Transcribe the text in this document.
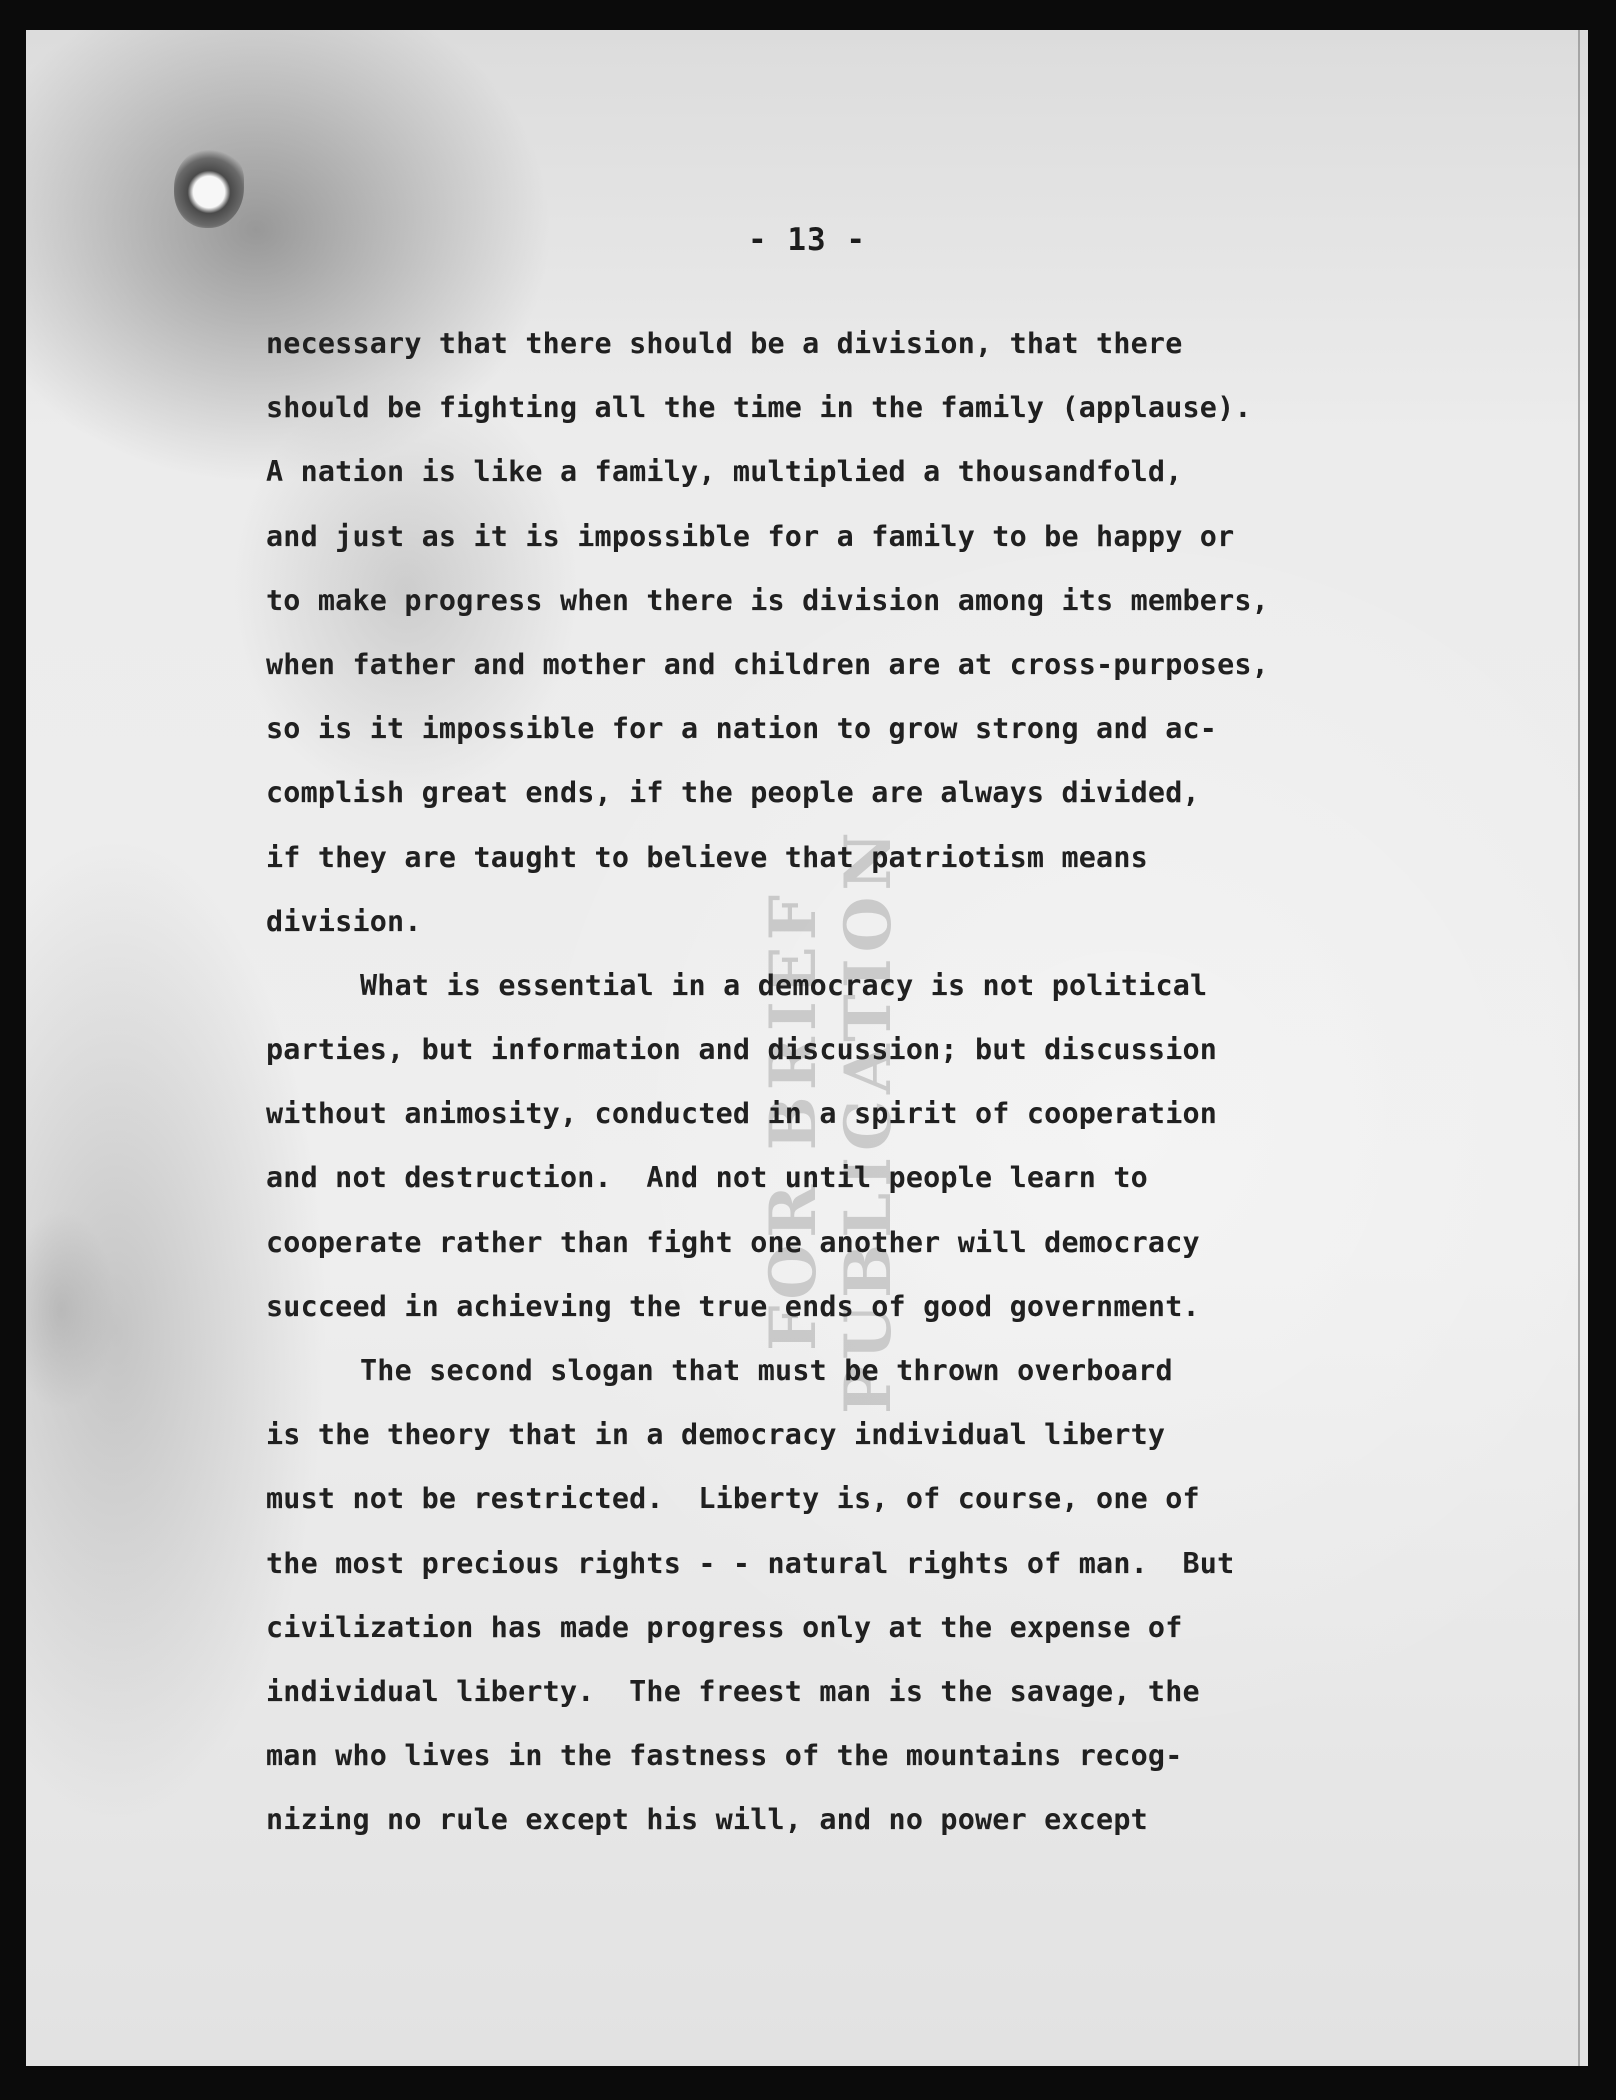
FOR BRIEF PUBLICATION
- 13 -
necessary that there should be a division, that there
should be fighting all the time in the family (applause).
A nation is like a family, multiplied a thousandfold,
and just as it is impossible for a family to be happy or
to make progress when there is division among its members,
when father and mother and children are at cross-purposes,
so is it impossible for a nation to grow strong and ac-
complish great ends, if the people are always divided,
if they are taught to believe that patriotism means
division.
What is essential in a democracy is not political
parties, but information and discussion; but discussion
without animosity, conducted in a spirit of cooperation
and not destruction.  And not until people learn to
cooperate rather than fight one another will democracy
succeed in achieving the true ends of good government.
The second slogan that must be thrown overboard
is the theory that in a democracy individual liberty
must not be restricted.  Liberty is, of course, one of
the most precious rights - - natural rights of man.  But
civilization has made progress only at the expense of
individual liberty.  The freest man is the savage, the
man who lives in the fastness of the mountains recog-
nizing no rule except his will, and no power except
